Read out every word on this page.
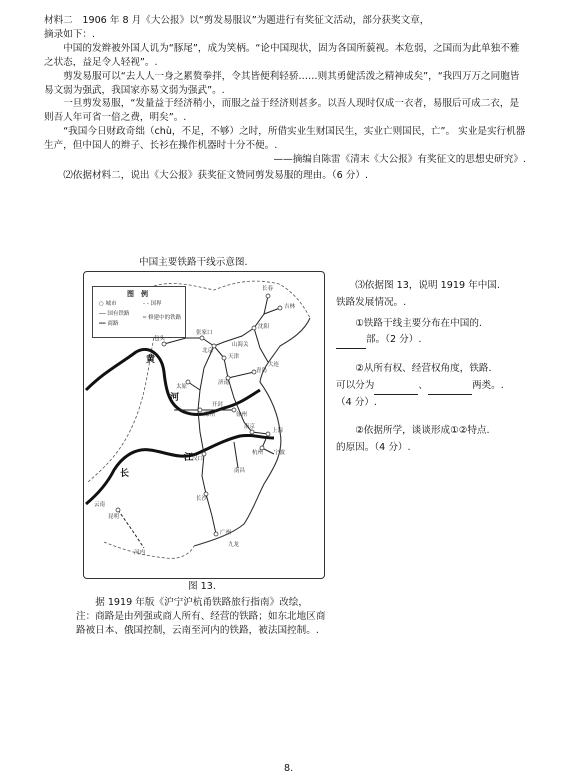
材料二　1906 年 8 月《大公报》以“剪发易服议”为题进行有奖征文活动，部分获奖文章，

摘录如下：.

中国的发辫被外国人讥为“豚尾”，成为笑柄。“论中国现状，固为各国所藐视。本危弱，之国而为此单独不雅之状态，益足令人轻视”。.

剪发易服可以“去人人一身之累赘拳拌，令其皆便利轻骄……则其勇健活泼之精神成矣”，“我四万万之同胞皆易文弱为强武，我国家亦易文弱为强武”。.

一旦剪发易服，“发量益于经济稍小，而服之益于经济则甚多。以吾人现时仅成一衣者，易服后可成二衣，是则吾人年可省一倍之费，明矣”。.

“我国今日财政奇绌（chù，不足，不够）之时，所借实业生财国民生，实业亡则国民，亡”。 实业是实行机器生产，但中国人的辫子、长衫在操作机器时十分不便。.

——摘编自陈雷《清末《大公报》有奖征文的思想史研究》.

⑵依据材料二，说出《大公报》获奖征文赞同剪发易服的理由。（6 分）.

中国主要铁路干线示意图.
图　例
○ 城市	- - 国界
── 国有铁路
┅ 修建中的铁路
━━ 商路
黄
河
江
长
长春
吉林
沈阳
张家口
北京
天津
山海关
大连
包头
太原
济南
青岛
郑州
开封
徐州
南京
上海
杭州 宁波
汉口
南昌
长沙
广州
九龙
昆明
云南
河内

⑶依据图 13，说明 1919 年中国.

铁路发展情况。.

①铁路干线主要分布在中国的.

部。（2 分）.

②从所有权、经营权角度，铁路.

可以分为	、	两类。.

（4 分）.

②依据所学，谈谈形成①②特点.

的原因。（4 分）.

图 13.

据 1919 年版《沪宁沪杭甬铁路旅行指南》改绘，注：商路是由列强或商人所有、经营的铁路；如东北地区商路被日本、俄国控制，云南至河内的铁路，被法国控制。.

8.
